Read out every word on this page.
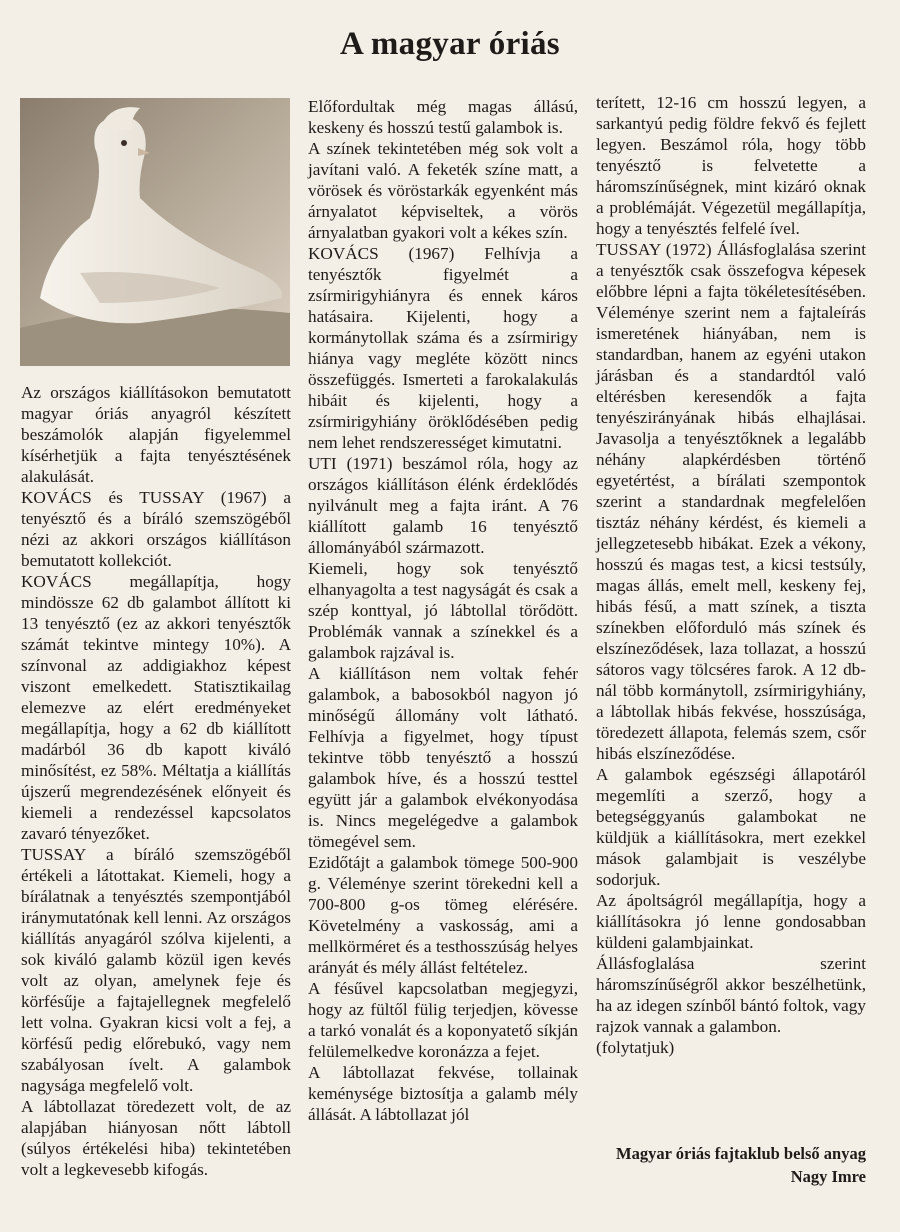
A magyar óriás

Az országos kiállításokon bemutatott magyar óriás anyagról készített beszámolók alapján figyelemmel kísérhetjük a fajta tenyésztésének alakulását.

KOVÁCS és TUSSAY (1967) a tenyésztő és a bíráló szemszögéből nézi az akkori országos kiállításon bemutatott kollekciót.

KOVÁCS megállapítja, hogy mindössze 62 db galambot állított ki 13 tenyésztő (ez az akkori tenyésztők számát tekintve mintegy 10%). A színvonal az addigiakhoz képest viszont emelkedett. Statisztikailag elemezve az elért eredményeket megállapítja, hogy a 62 db kiállított madárból 36 db kapott kiváló minősítést, ez 58%. Méltatja a kiállítás újszerű megrendezésének előnyeit és kiemeli a rendezéssel kapcsolatos zavaró tényezőket.

TUSSAY a bíráló szemszögéből értékeli a látottakat. Kiemeli, hogy a bírálatnak a tenyésztés szempontjából iránymutatónak kell lenni. Az országos kiállítás anyagáról szólva kijelenti, a sok kiváló galamb közül igen kevés volt az olyan, amelynek feje és körfésűje a fajtajellegnek megfelelő lett volna. Gyakran kicsi volt a fej, a körfésű pedig előrebukó, vagy nem szabályosan ívelt. A galambok nagysága megfelelő volt.

A lábtollazat töredezett volt, de az alapjában hiányosan nőtt lábtoll (súlyos értékelési hiba) tekintetében volt a legkevesebb kifogás.

Előfordultak még magas állású, keskeny és hosszú testű galambok is.

A színek tekintetében még sok volt a javítani való. A feketék színe matt, a vörösek és vöröstarkák egyenként más árnyalatot képviseltek, a vörös árnyalatban gyakori volt a kékes szín.

KOVÁCS (1967) Felhívja a tenyésztők figyelmét a zsírmirigyhiányra és ennek káros hatásaira. Kijelenti, hogy a kormánytollak száma és a zsírmirigy hiánya vagy megléte között nincs összefüggés. Ismerteti a farokalakulás hibáit és kijelenti, hogy a zsírmirigyhiány öröklődésében pedig nem lehet rendszerességet kimutatni.

UTI (1971) beszámol róla, hogy az országos kiállításon élénk érdeklődés nyilvánult meg a fajta iránt. A 76 kiállított galamb 16 tenyésztő állományából származott.

Kiemeli, hogy sok tenyésztő elhanyagolta a test nagyságát és csak a szép konttyal, jó lábtollal törődött. Problémák vannak a színekkel és a galambok rajzával is.

A kiállításon nem voltak fehér galambok, a babosokból nagyon jó minőségű állomány volt látható. Felhívja a figyelmet, hogy típust tekintve több tenyésztő a hosszú galambok híve, és a hosszú testtel együtt jár a galambok elvékonyodása is. Nincs megelégedve a galambok tömegével sem.

Ezidőtájt a galambok tömege 500-900 g. Véleménye szerint törekedni kell a 700-800 g-os tömeg elérésére. Követelmény a vaskosság, ami a mellkörméret és a testhosszúság helyes arányát és mély állást feltételez.

A fésűvel kapcsolatban megjegyzi, hogy az fültől fülig terjedjen, kövesse a tarkó vonalát és a koponyatető síkján felülemelkedve koronázza a fejet.

A lábtollazat fekvése, tollainak keménysége biztosítja a galamb mély állását. A lábtollazat jól

terített, 12-16 cm hosszú legyen, a sarkantyú pedig földre fekvő és fejlett legyen. Beszámol róla, hogy több tenyésztő is felvetette a háromszínűségnek, mint kizáró oknak a problémáját. Végezetül megállapítja, hogy a tenyésztés felfelé ível.

TUSSAY (1972) Állásfoglalása szerint a tenyésztők csak összefogva képesek előbbre lépni a fajta tökéletesítésében. Véleménye szerint nem a fajtaleírás ismeretének hiányában, nem is standardban, hanem az egyéni utakon járásban és a standardtól való eltérésben keresendők a fajta tenyészirányának hibás elhajlásai. Javasolja a tenyésztőknek a legalább néhány alapkérdésben történő egyetértést, a bírálati szempontok szerint a standardnak megfelelően tisztáz néhány kérdést, és kiemeli a jellegzetesebb hibákat. Ezek a vékony, hosszú és magas test, a kicsi testsúly, magas állás, emelt mell, keskeny fej, hibás fésű, a matt színek, a tiszta színekben előforduló más színek és elszíneződések, laza tollazat, a hosszú sátoros vagy tölcséres farok. A 12 db-nál több kormánytoll, zsírmirigyhiány, a lábtollak hibás fekvése, hosszúsága, töredezett állapota, felemás szem, csőr hibás elszíneződése.

A galambok egészségi állapotáról megemlíti a szerző, hogy a betegséggyanús galambokat ne küldjük a kiállításokra, mert ezekkel mások galambjait is veszélybe sodorjuk.

Az ápoltságról megállapítja, hogy a kiállításokra jó lenne gondosabban küldeni galambjainkat.

Állásfoglalása szerint háromszínűségről akkor beszélhetünk, ha az idegen színből bántó foltok, vagy rajzok vannak a galambon.

(folytatjuk)

Magyar óriás fajtaklub belső anyag
Nagy Imre
